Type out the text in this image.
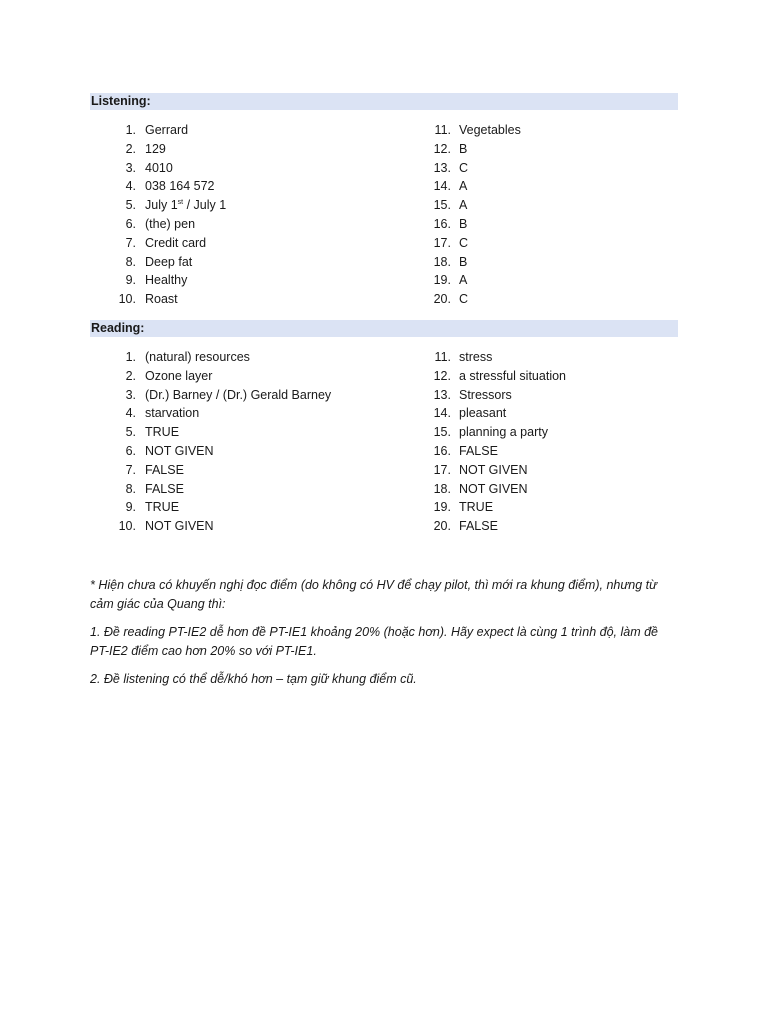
Listening:
1. Gerrard
2. 129
3. 4010
4. 038 164 572
5. July 1st / July 1
6. (the) pen
7. Credit card
8. Deep fat
9. Healthy
10. Roast
11. Vegetables
12. B
13. C
14. A
15. A
16. B
17. C
18. B
19. A
20. C
Reading:
1. (natural) resources
2. Ozone layer
3. (Dr.) Barney / (Dr.) Gerald Barney
4. starvation
5. TRUE
6. NOT GIVEN
7. FALSE
8. FALSE
9. TRUE
10. NOT GIVEN
11. stress
12. a stressful situation
13. Stressors
14. pleasant
15. planning a party
16. FALSE
17. NOT GIVEN
18. NOT GIVEN
19. TRUE
20. FALSE

* Hiện chưa có khuyến nghị đọc điểm (do không có HV để chạy pilot, thì mới ra khung điểm), nhưng từ cảm giác của Quang thì:

1. Đề reading PT-IE2 dễ hơn đề PT-IE1 khoảng 20% (hoặc hơn). Hãy expect là cùng 1 trình độ, làm đề PT-IE2 điểm cao hơn 20% so với PT-IE1.

2. Đề listening có thể dễ/khó hơn – tạm giữ khung điểm cũ.
